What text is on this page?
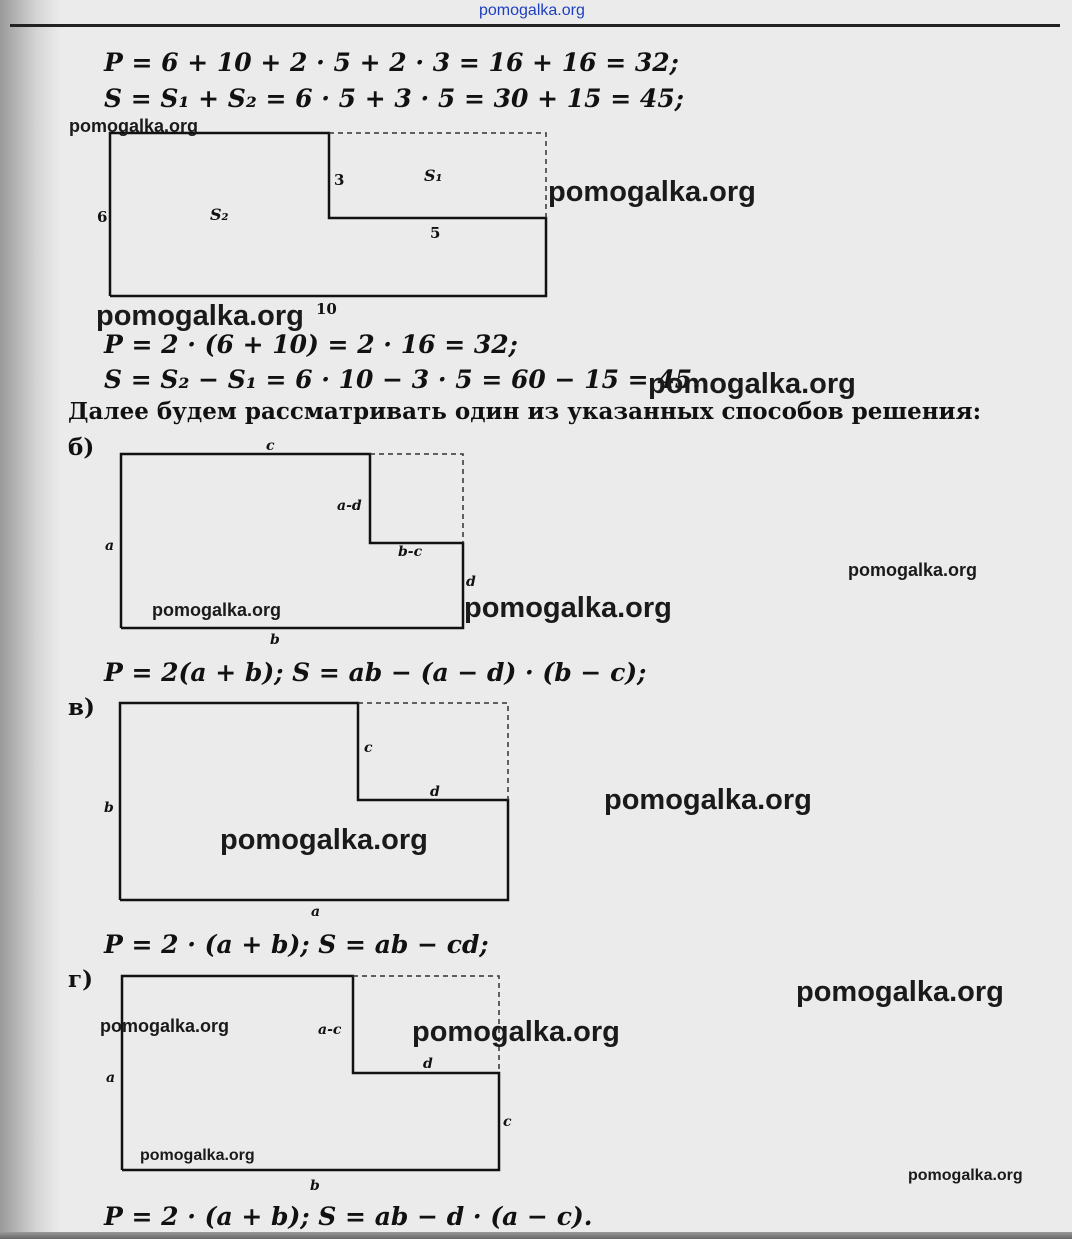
pomogalka.org
P = 6 + 10 + 2 · 5 + 2 · 3 = 16 + 16 = 32;
S = S₁ + S₂ = 6 · 5 + 3 · 5 = 30 + 15 = 45;
6
10
3
5
S₁
S₂
P = 2 · (6 + 10) = 2 · 16 = 32;
S = S₂ − S₁ = 6 · 10 − 3 · 5 = 60 − 15 = 45.
Далее будем рассматривать один из указанных способов решения:
б)	c
a
a-d
b-c
d
b
P = 2(a + b); S = ab − (a − d) · (b − c);
в)
c
d
b
a
P = 2 · (a + b); S = ab − cd;
г)
a-c
d
a
c
b
P = 2 · (a + b); S = ab − d · (a − c).
pomogalka.org
pomogalka.org
pomogalka.org
pomogalka.org
pomogalka.org
pomogalka.org	pomogalka.org
pomogalka.org
pomogalka.org
pomogalka.org
pomogalka.org	pomogalka.org
pomogalka.org
pomogalka.org
